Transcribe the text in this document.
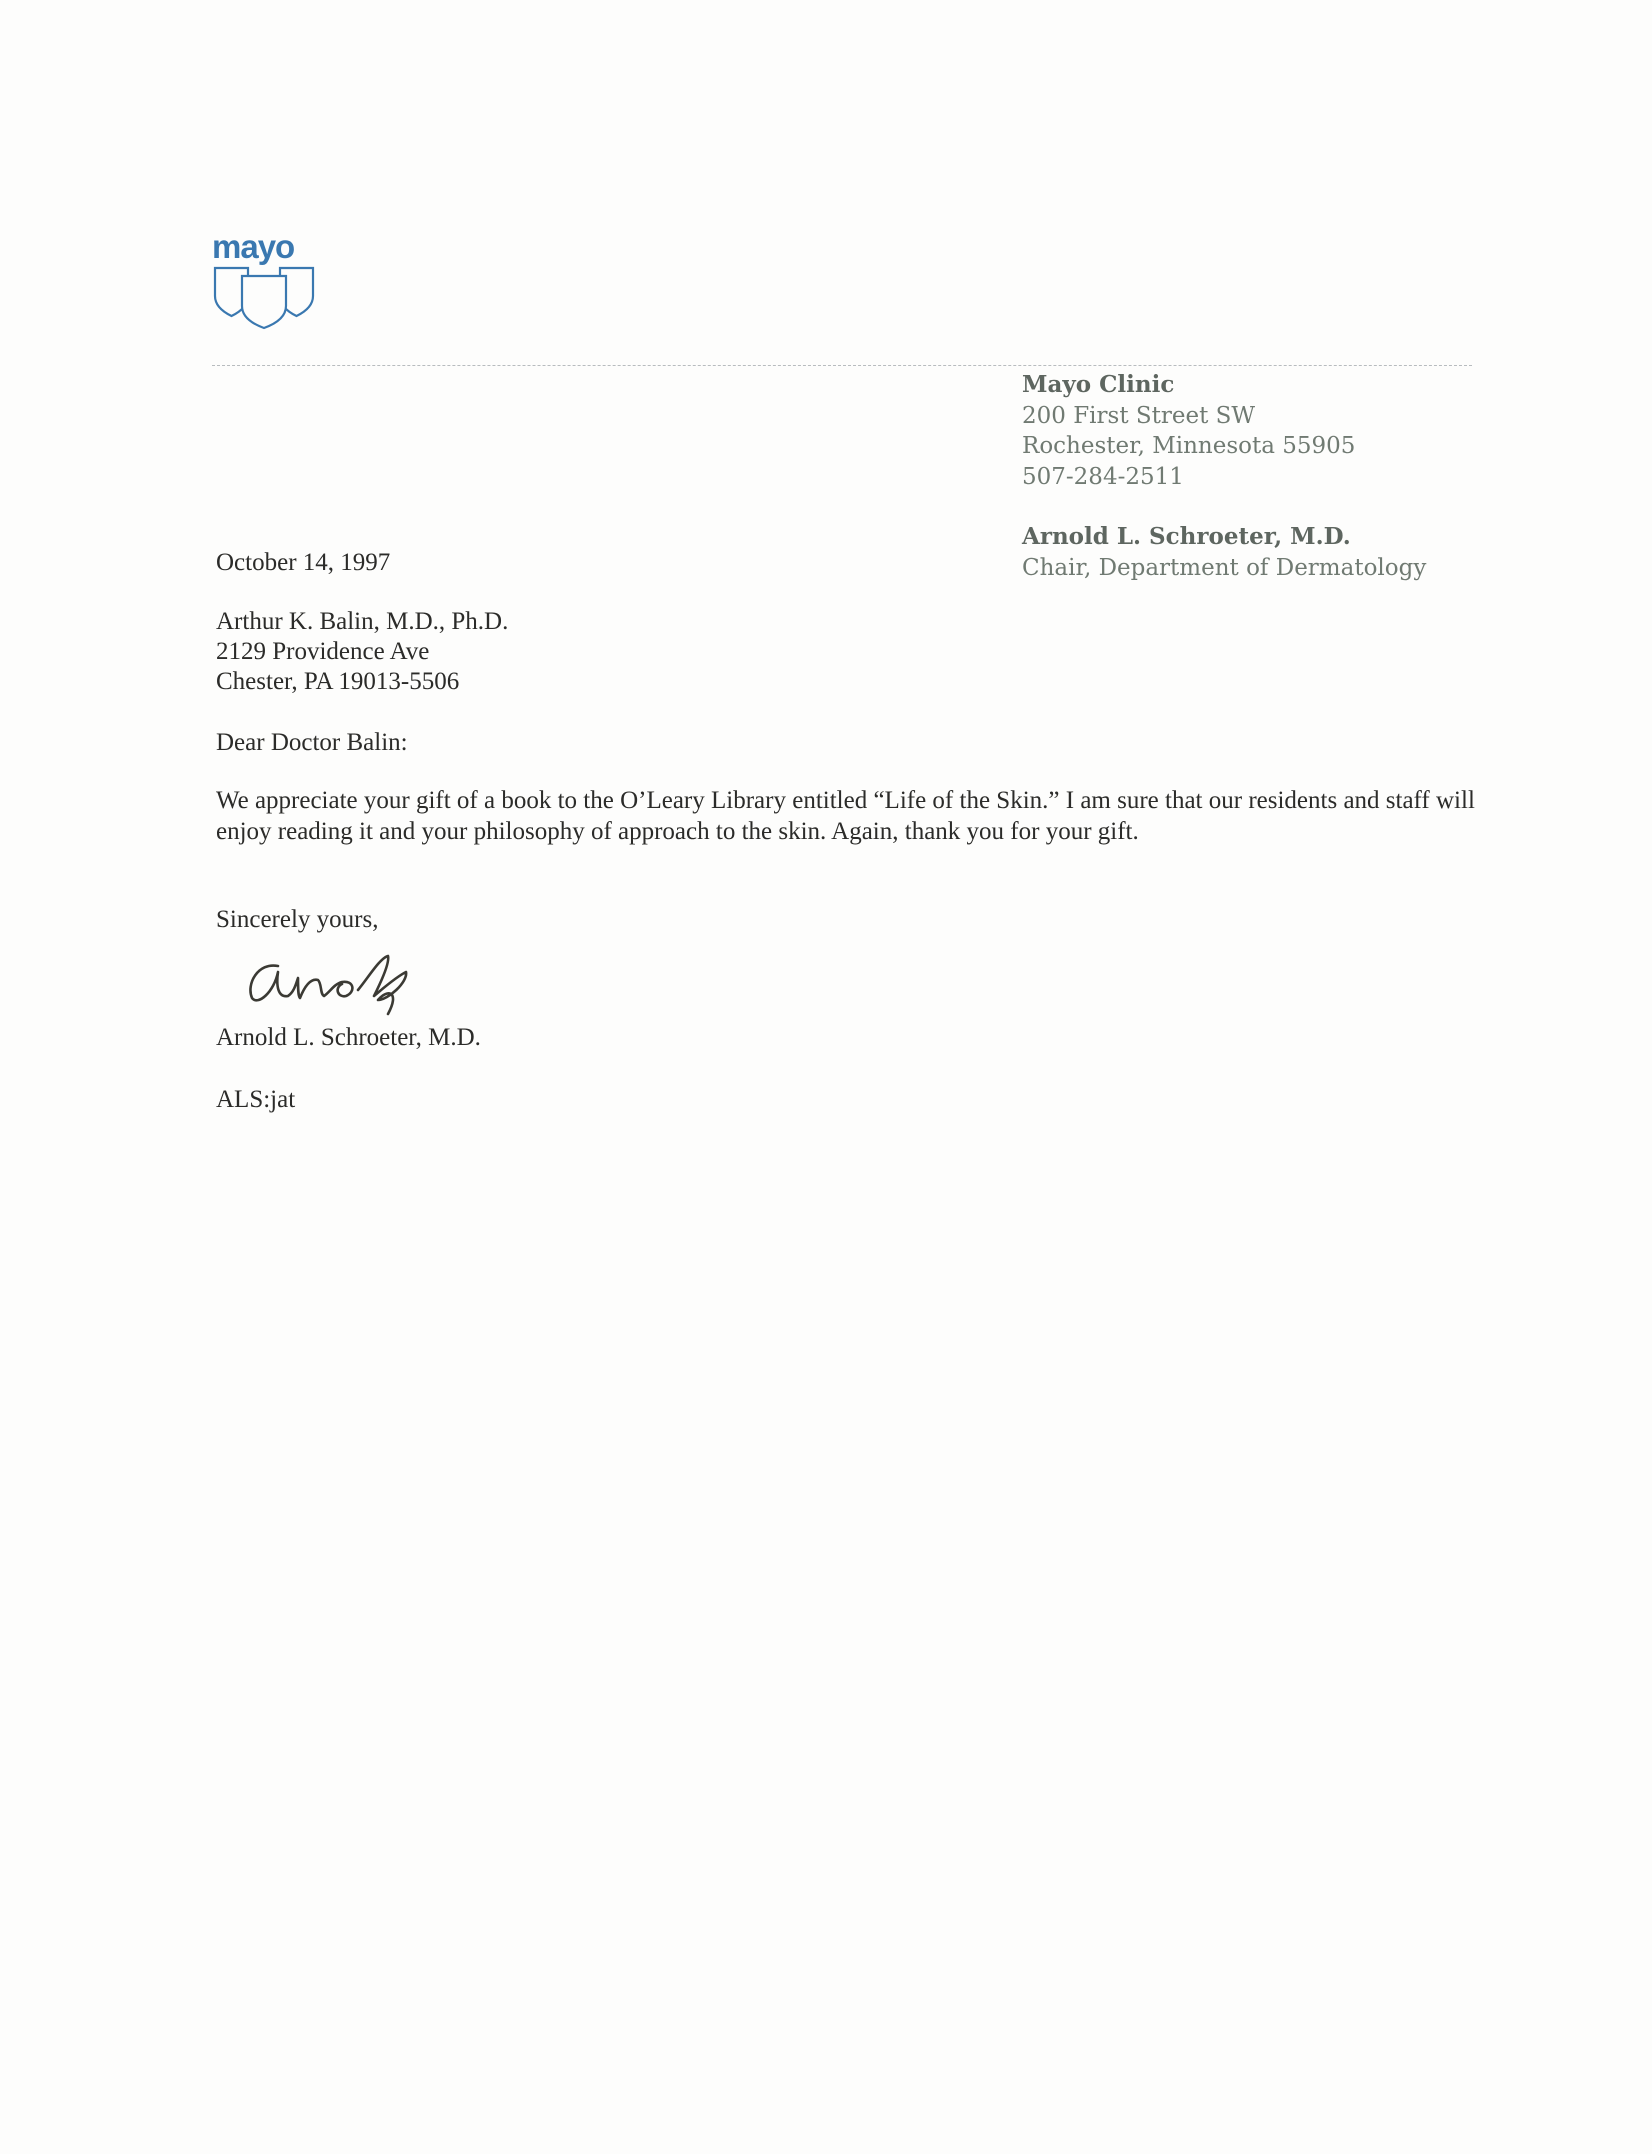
mayo
Mayo Clinic
200 First Street SW
Rochester, Minnesota 55905
507-284-2511
Arnold L. Schroeter, M.D.
Chair, Department of Dermatology
October 14, 1997
Arthur K. Balin, M.D., Ph.D.
2129 Providence Ave
Chester, PA 19013-5506
Dear Doctor Balin:
We appreciate your gift of a book to the O’Leary Library entitled “Life of the Skin.” I am sure that our residents and staff will enjoy reading it and your philosophy of approach to the skin. Again, thank you for your gift.
Sincerely yours,
Arnold L. Schroeter, M.D.
ALS:jat
